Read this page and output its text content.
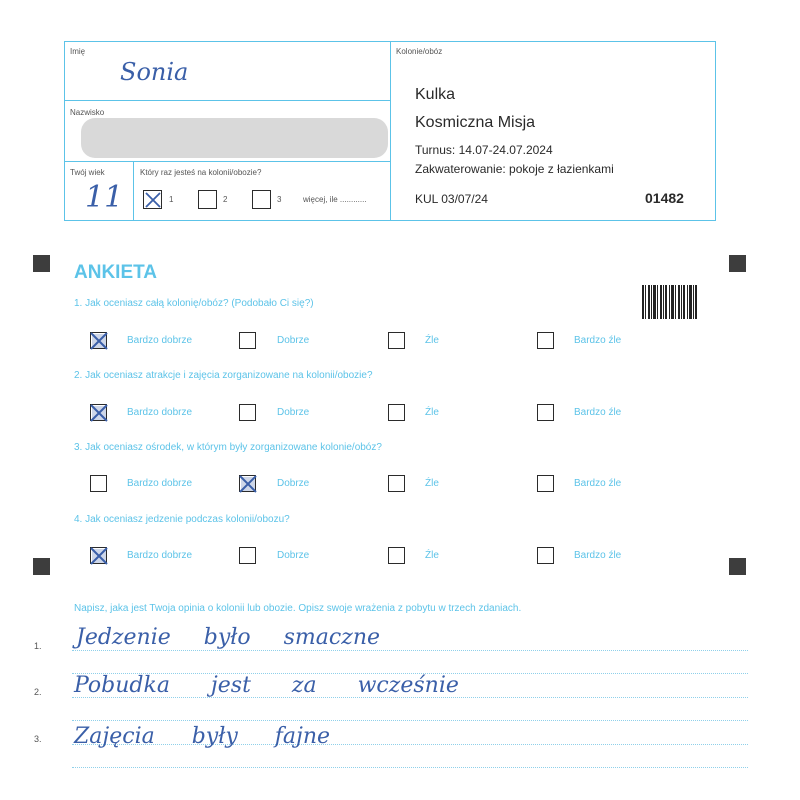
Imię
Sonia
Nazwisko
Twój wiek
11
Który raz jesteś na kolonii/obozie?
1	2	3	więcej, ile ............
Kolonie/obóz
Kulka
Kosmiczna Misja
Turnus: 14.07-24.07.2024
Zakwaterowanie: pokoje z łazienkami
KUL 03/07/24	01482
ANKIETA
1. Jak oceniasz całą kolonię/obóz? (Podobało Ci się?)
2. Jak oceniasz atrakcje i zajęcia zorganizowane na kolonii/obozie?
3. Jak oceniasz ośrodek, w którym były zorganizowane kolonie/obóz?
4. Jak oceniasz jedzenie podczas kolonii/obozu?
Bardzo dobrze	Dobrze	Źle	Bardzo źle
Bardzo dobrze	Dobrze	Źle	Bardzo źle
Bardzo dobrze	Dobrze	Źle	Bardzo źle
Bardzo dobrze	Dobrze	Źle	Bardzo źle
Napisz, jaka jest Twoja opinia o kolonii lub obozie. Opisz swoje wrażenia z pobytu w trzech zdaniach.
1.
2.
3.
Jedzenie było smaczne
Pobudka jest za wcześnie
Zajęcia były fajne
